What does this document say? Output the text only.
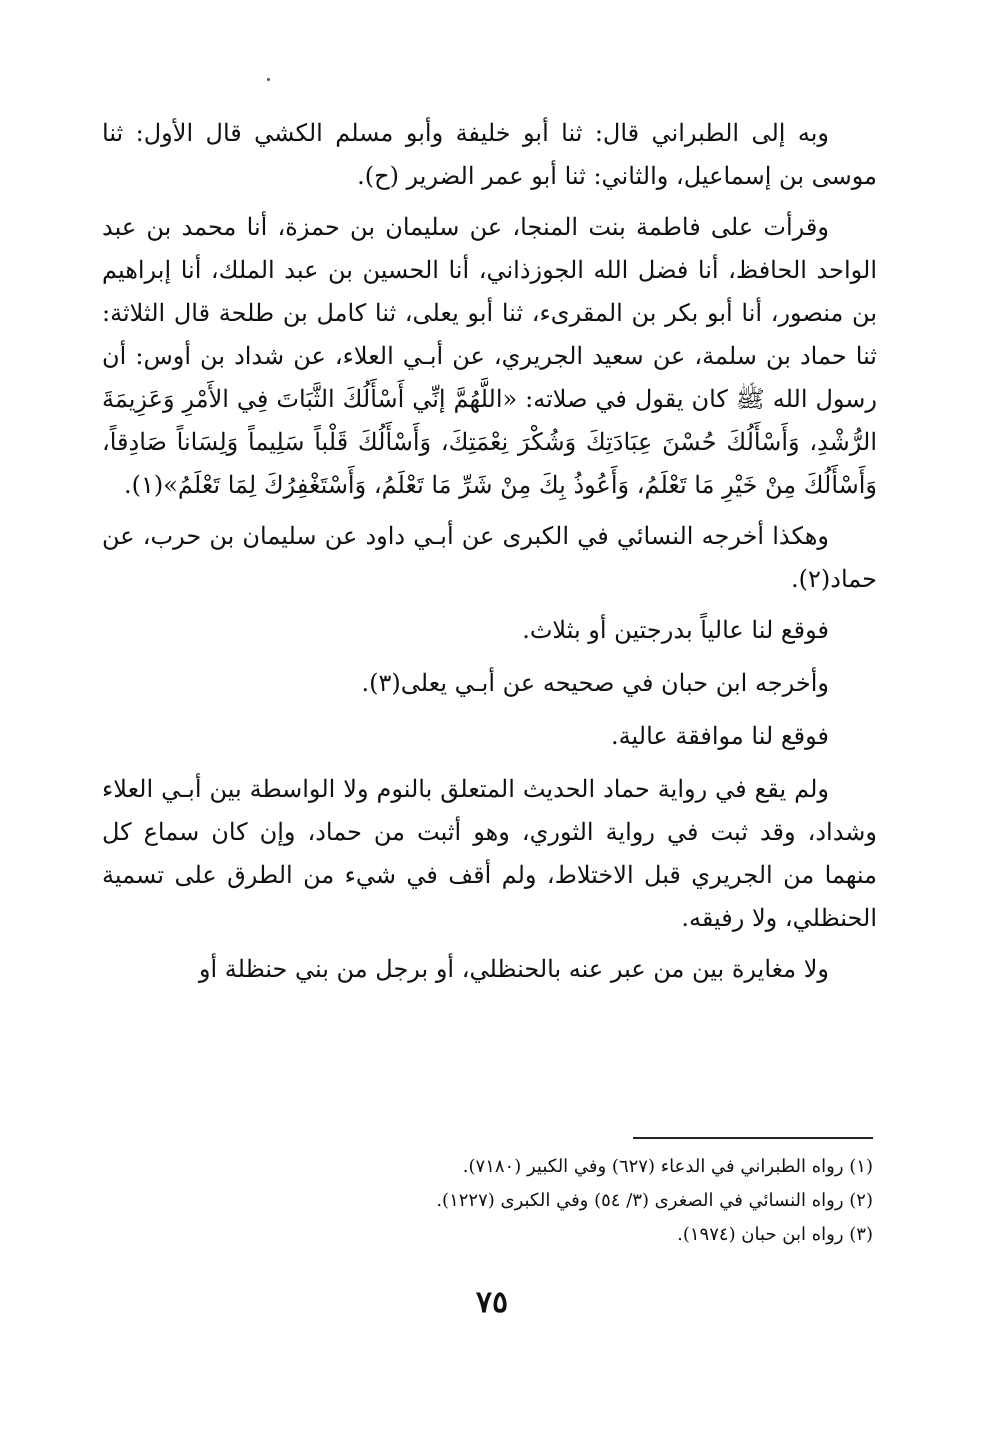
وبه إلى الطبراني قال: ثنا أبو خليفة وأبو مسلم الكشي قال الأول: ثنا موسى بن إسماعيل، والثاني: ثنا أبو عمر الضرير (ح).

وقرأت على فاطمة بنت المنجا، عن سليمان بن حمزة، أنا محمد بن عبد الواحد الحافظ، أنا فضل الله الجوزذاني، أنا الحسين بن عبد الملك، أنا إبراهيم بن منصور، أنا أبو بكر بن المقرىء، ثنا أبو يعلى، ثنا كامل بن طلحة قال الثلاثة: ثنا حماد بن سلمة، عن سعيد الجريري، عن أبـي العلاء، عن شداد بن أوس: أن رسول الله ﷺ كان يقول في صلاته: «اللَّهُمَّ إنِّي أَسْأَلُكَ الثَّبَاتَ فِي الأَمْرِ وَعَزِيمَةَ الرُّشْدِ، وَأَسْأَلُكَ حُسْنَ عِبَادَتِكَ وَشُكْرَ نِعْمَتِكَ، وَأَسْأَلُكَ قَلْباً سَلِيماً وَلِسَاناً صَادِقاً، وَأَسْأَلُكَ مِنْ خَيْرِ مَا تَعْلَمُ، وَأَعُوذُ بِكَ مِنْ شَرِّ مَا تَعْلَمُ، وَأَسْتَغْفِرُكَ لِمَا تَعْلَمُ»(١).

وهكذا أخرجه النسائي في الكبرى عن أبـي داود عن سليمان بن حرب، عن حماد(٢).

فوقع لنا عالياً بدرجتين أو بثلاث.

وأخرجه ابن حبان في صحيحه عن أبـي يعلى(٣).

فوقع لنا موافقة عالية.

ولم يقع في رواية حماد الحديث المتعلق بالنوم ولا الواسطة بين أبـي العلاء وشداد، وقد ثبت في رواية الثوري، وهو أثبت من حماد، وإن كان سماع كل منهما من الجريري قبل الاختلاط، ولم أقف في شيء من الطرق على تسمية الحنظلي، ولا رفيقه.

ولا مغايرة بين من عبر عنه بالحنظلي، أو برجل من بني حنظلة أو

(١) رواه الطبراني في الدعاء (٦٢٧) وفي الكبير (٧١٨٠).
(٢) رواه النسائي في الصغرى (٣/ ٥٤) وفي الكبرى (١٢٢٧).
(٣) رواه ابن حبان (١٩٧٤).
٧٥
